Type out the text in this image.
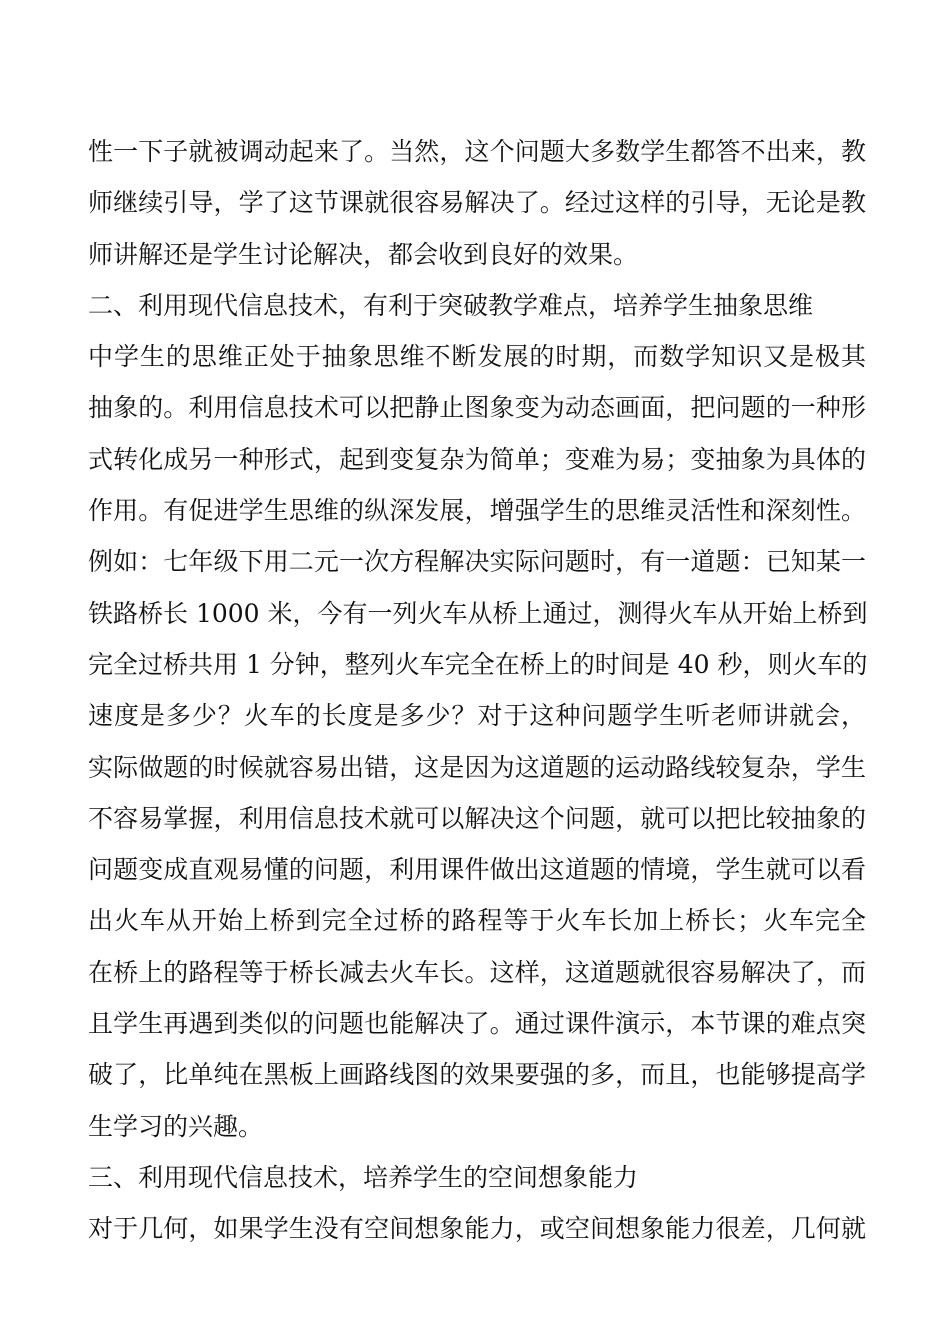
性一下子就被调动起来了。当然，这个问题大多数学生都答不出来，教
师继续引导，学了这节课就很容易解决了。经过这样的引导，无论是教
师讲解还是学生讨论解决，都会收到良好的效果。
二、利用现代信息技术，有利于突破教学难点，培养学生抽象思维
中学生的思维正处于抽象思维不断发展的时期，而数学知识又是极其
抽象的。利用信息技术可以把静止图象变为动态画面，把问题的一种形
式转化成另一种形式，起到变复杂为简单；变难为易；变抽象为具体的
作用。有促进学生思维的纵深发展，增强学生的思维灵活性和深刻性。
例如：七年级下用二元一次方程解决实际问题时，有一道题：已知某一
铁路桥长 1000 米，今有一列火车从桥上通过，测得火车从开始上桥到
完全过桥共用 1 分钟，整列火车完全在桥上的时间是 40 秒，则火车的
速度是多少？火车的长度是多少？对于这种问题学生听老师讲就会，
实际做题的时候就容易出错，这是因为这道题的运动路线较复杂，学生
不容易掌握，利用信息技术就可以解决这个问题，就可以把比较抽象的
问题变成直观易懂的问题，利用课件做出这道题的情境，学生就可以看
出火车从开始上桥到完全过桥的路程等于火车长加上桥长；火车完全
在桥上的路程等于桥长减去火车长。这样，这道题就很容易解决了，而
且学生再遇到类似的问题也能解决了。通过课件演示，本节课的难点突
破了，比单纯在黑板上画路线图的效果要强的多，而且，也能够提高学
生学习的兴趣。
三、利用现代信息技术，培养学生的空间想象能力
对于几何，如果学生没有空间想象能力，或空间想象能力很差，几何就
